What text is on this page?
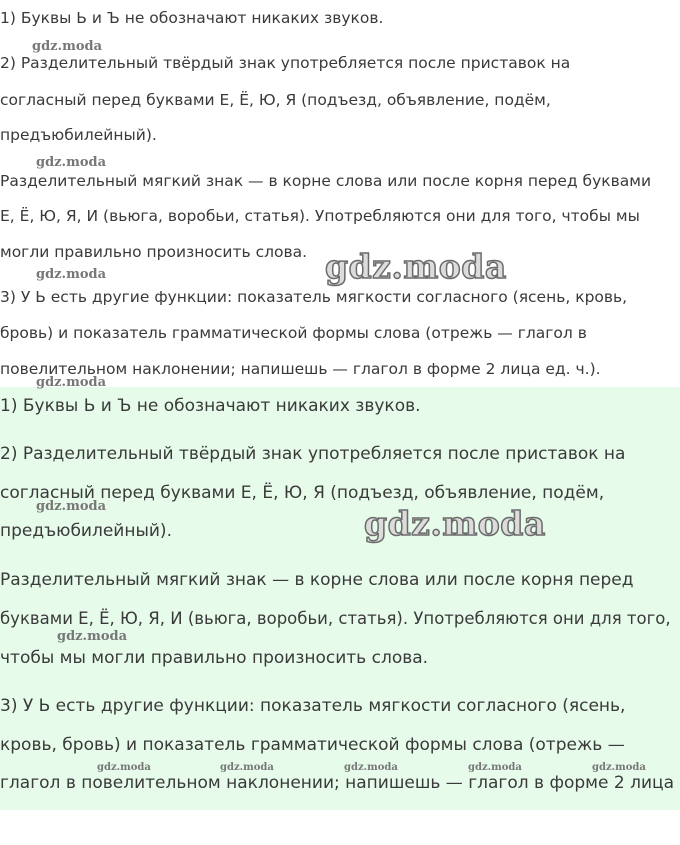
1) Буквы Ь и Ъ не обозначают никаких звуков.

2) Разделительный твёрдый знак употребляется после приставок на

согласный перед буквами Е, Ё, Ю, Я (подъезд, объявление, подём,

предъюбилейный).

Разделительный мягкий знак — в корне слова или после корня перед буквами

Е, Ё, Ю, Я, И (вьюга, воробьи, статья). Употребляются они для того, чтобы мы

могли правильно произносить слова.

3) У Ь есть другие функции: показатель мягкости согласного (ясень, кровь,

бровь) и показатель грамматической формы слова (отрежь — глагол в

повелительном наклонении; напишешь — глагол в форме 2 лица ед. ч.).

1) Буквы Ь и Ъ не обозначают никаких звуков.

2) Разделительный твёрдый знак употребляется после приставок на

согласный перед буквами Е, Ё, Ю, Я (подъезд, объявление, подём,

предъюбилейный).

Разделительный мягкий знак — в корне слова или после корня перед

буквами Е, Ё, Ю, Я, И (вьюга, воробьи, статья). Употребляются они для того,

чтобы мы могли правильно произносить слова.

3) У Ь есть другие функции: показатель мягкости согласного (ясень,

кровь, бровь) и показатель грамматической формы слова (отрежь —

глагол в повелительном наклонении; напишешь — глагол в форме 2 лица

gdz.moda
gdz.moda
gdz.moda
gdz.moda
gdz.moda
gdz.moda	gdz.moda
gdz.moda
gdz.moda	gdz.moda	gdz.moda	gdz.moda	gdz.moda
